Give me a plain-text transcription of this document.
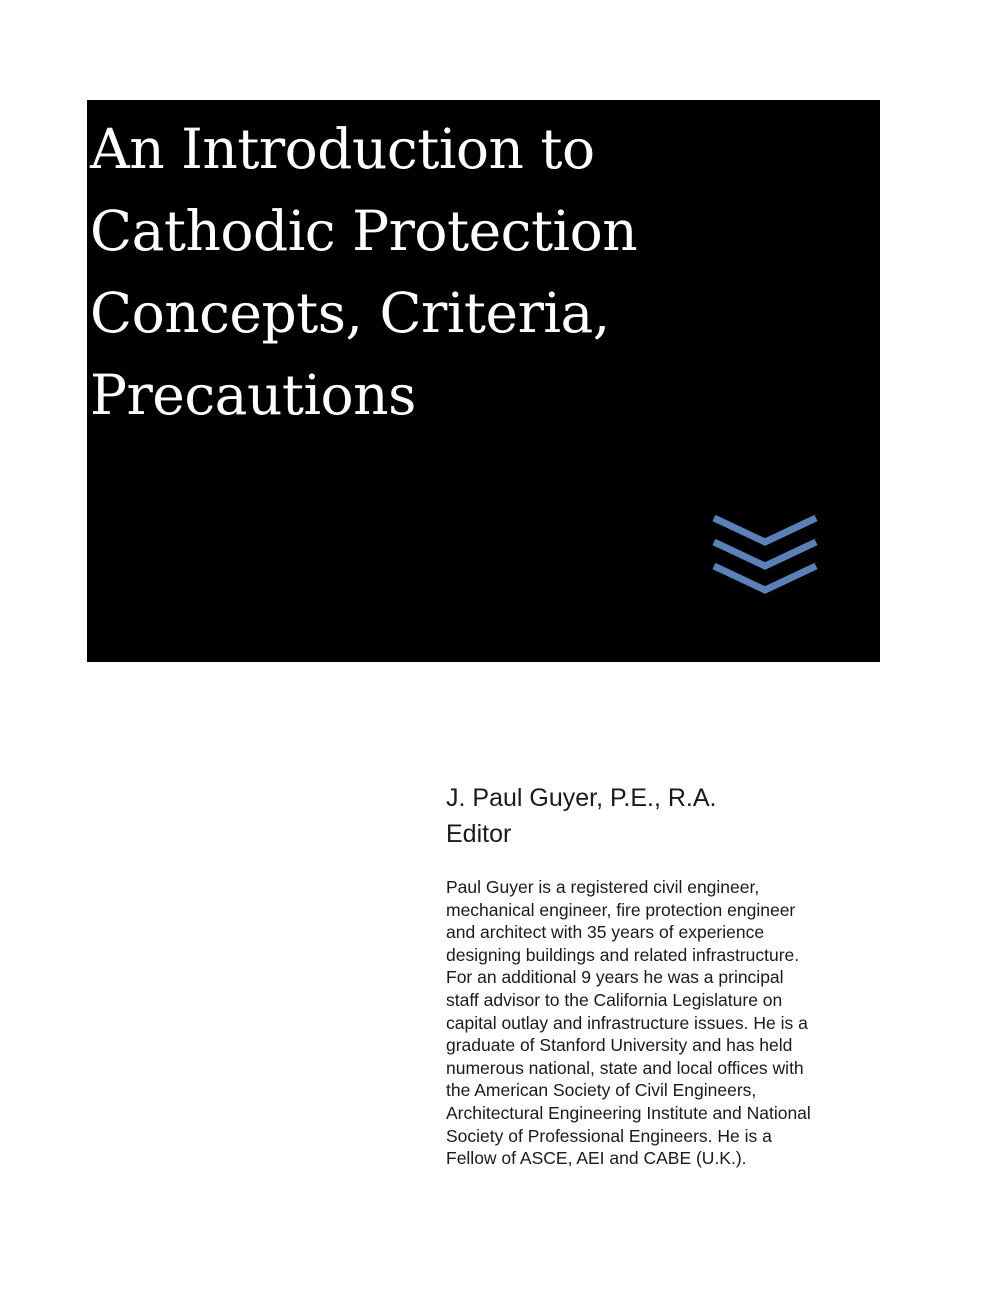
An Introduction to
Cathodic Protection
Concepts, Criteria,
Precautions
J. Paul Guyer, P.E., R.A.
Editor

Paul Guyer is a registered civil engineer,
mechanical engineer, fire protection engineer
and architect with 35 years of experience
designing buildings and related infrastructure.
For an additional 9 years he was a principal
staff advisor to the California Legislature on
capital outlay and infrastructure issues. He is a
graduate of Stanford University and has held
numerous national, state and local offices with
the American Society of Civil Engineers,
Architectural Engineering Institute and National
Society of Professional Engineers. He is a
Fellow of ASCE, AEI and CABE (U.K.).
